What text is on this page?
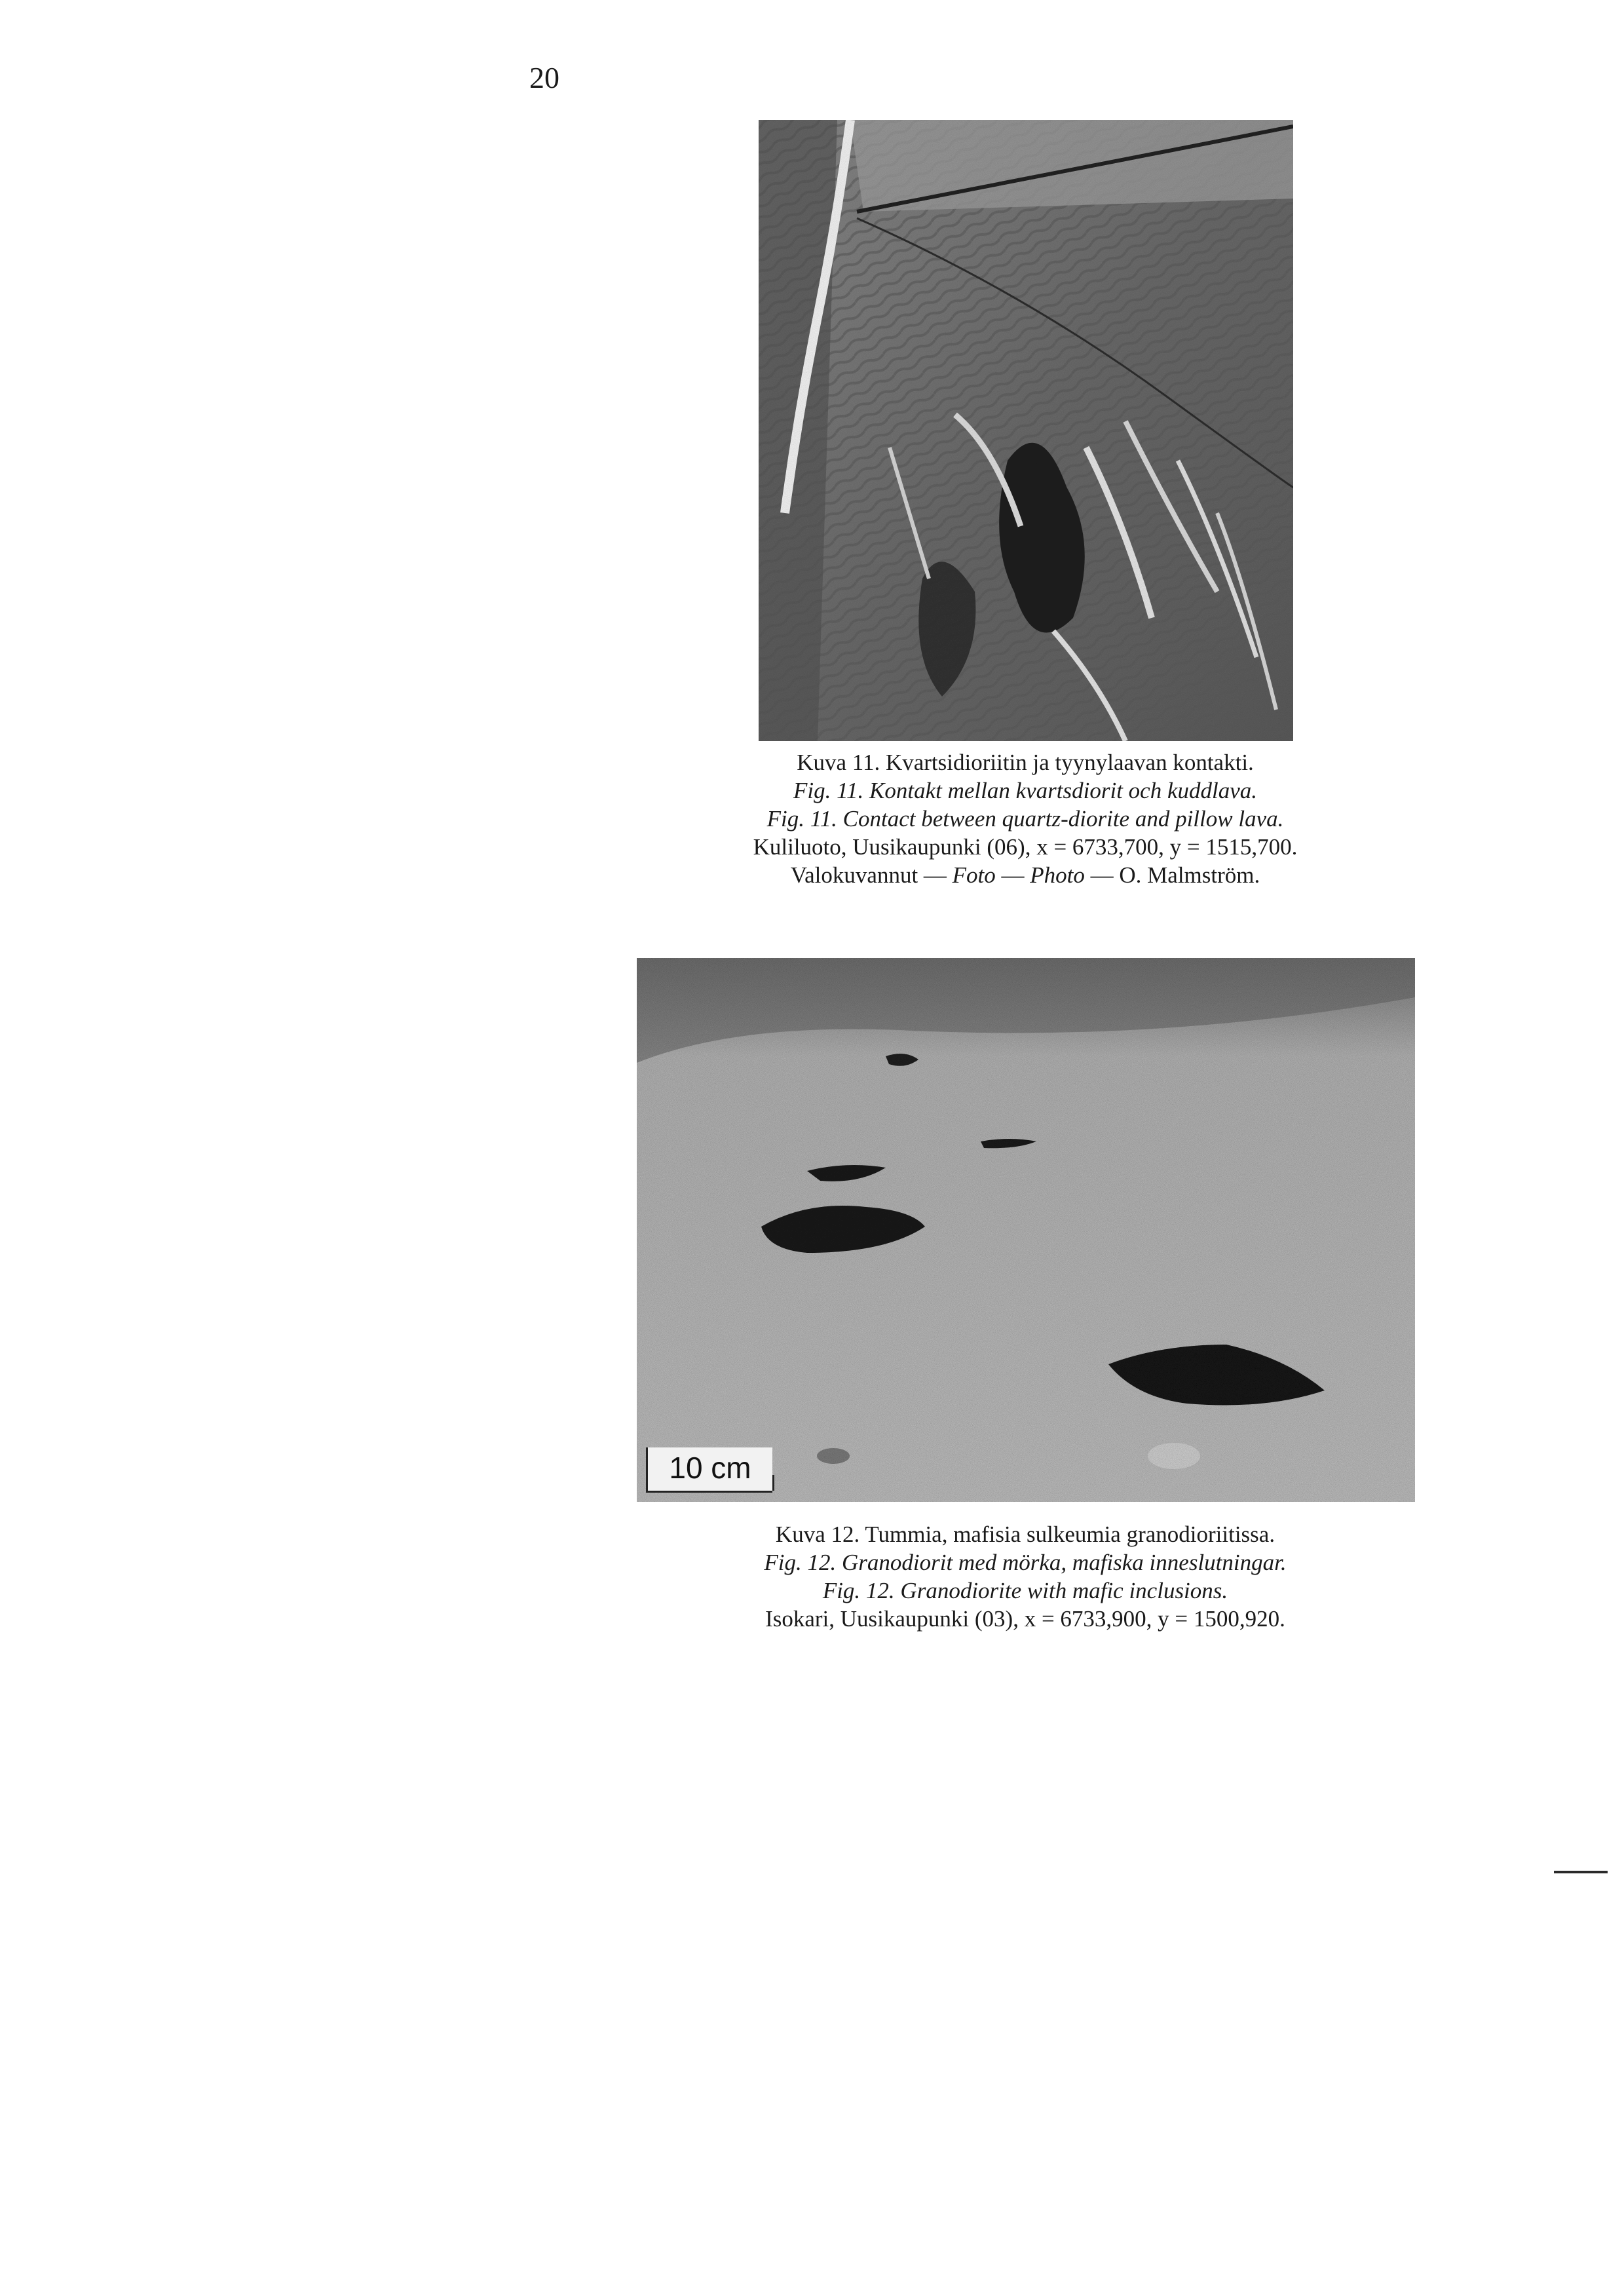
20
Kuva 11. Kvartsidioriitin ja tyynylaavan kontakti.
Fig. 11. Kontakt mellan kvartsdiorit och kuddlava.
Fig. 11. Contact between quartz-diorite and pillow lava.
Kuliluoto, Uusikaupunki (06), x = 6733,700, y = 1515,700.
Valokuvannut — Foto — Photo — O. Malmström.
10 cm
Kuva 12. Tummia, mafisia sulkeumia granodioriitissa.
Fig. 12. Granodiorit med mörka, mafiska inneslutningar.
Fig. 12. Granodiorite with mafic inclusions.
Isokari, Uusikaupunki (03), x = 6733,900, y = 1500,920.
